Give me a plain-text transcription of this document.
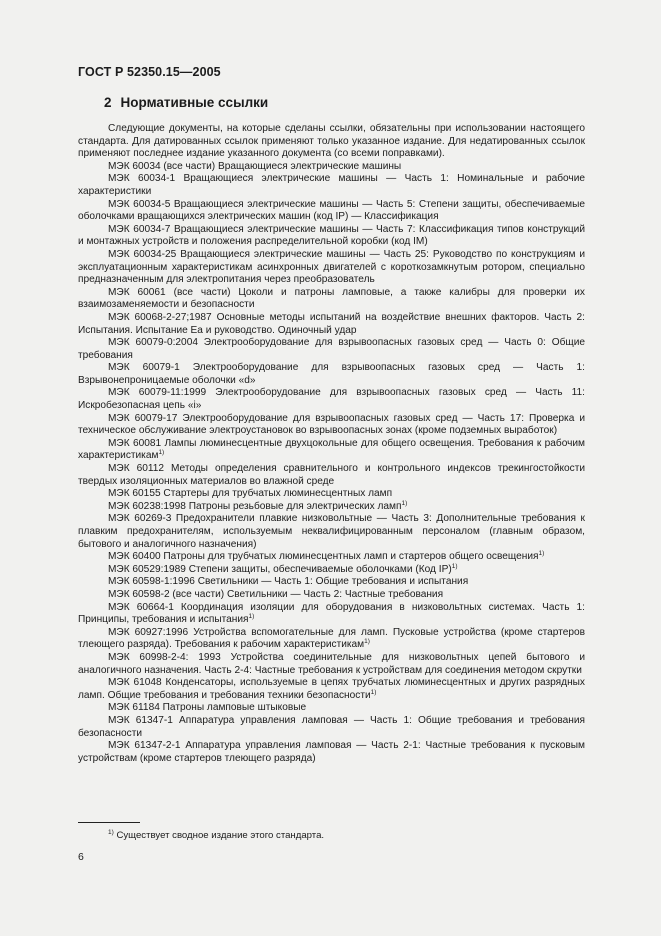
ГОСТ Р 52350.15—2005
2 Нормативные ссылки

Следующие документы, на которые сделаны ссылки, обязательны при использовании настоящего стандарта. Для датированных ссылок применяют только указанное издание. Для недатированных ссылок применяют последнее издание указанного документа (со всеми поправками).

МЭК 60034 (все части) Вращающиеся электрические машины

МЭК 60034-1 Вращающиеся электрические машины — Часть 1: Номинальные и рабочие характеристики

МЭК 60034-5 Вращающиеся электрические машины — Часть 5: Степени защиты, обеспечиваемые оболочками вращающихся электрических машин (код IP) — Классификация

МЭК 60034-7 Вращающиеся электрические машины — Часть 7: Классификация типов конструкций и монтажных устройств и положения распределительной коробки (код IM)

МЭК 60034-25 Вращающиеся электрические машины — Часть 25: Руководство по конструкциям и эксплуатационным характеристикам асинхронных двигателей с короткозамкнутым ротором, специально предназначенным для электропитания через преобразователь

МЭК 60061 (все части) Цоколи и патроны ламповые, а также калибры для проверки их взаимозаменяемости и безопасности

МЭК 60068-2-27;1987 Основные методы испытаний на воздействие внешних факторов. Часть 2: Испытания. Испытание Еа и руководство. Одиночный удар

МЭК 60079-0:2004 Электрооборудование для взрывоопасных газовых сред — Часть 0: Общие требования

МЭК 60079-1 Электрооборудование для взрывоопасных газовых сред — Часть 1: Взрывонепроницаемые оболочки «d»

МЭК 60079-11:1999 Электрооборудование для взрывоопасных газовых сред — Часть 11: Искробезопасная цепь «i»

МЭК 60079-17 Электрооборудование для взрывоопасных газовых сред — Часть 17: Проверка и техническое обслуживание электроустановок во взрывоопасных зонах (кроме подземных выработок)

МЭК 60081 Лампы люминесцентные двухцокольные для общего освещения. Требования к рабочим характеристикам$^{1)}$

МЭК 60112 Методы определения сравнительного и контрольного индексов трекингостойкости твердых изоляционных материалов во влажной среде

МЭК 60155 Стартеры для трубчатых люминесцентных ламп

МЭК 60238:1998 Патроны резьбовые для электрических ламп$^{1)}$

МЭК 60269-3 Предохранители плавкие низковольтные — Часть 3: Дополнительные требования к плавким предохранителям, используемым неквалифицированным персоналом (главным образом, бытового и аналогичного назначения)

МЭК 60400 Патроны для трубчатых люминесцентных ламп и стартеров общего освещения$^{1)}$

МЭК 60529:1989 Степени защиты, обеспечиваемые оболочками (Код IP)$^{1)}$

МЭК 60598-1:1996 Светильники — Часть 1: Общие требования и испытания

МЭК 60598-2 (все части) Светильники — Часть 2: Частные требования

МЭК 60664-1 Координация изоляции для оборудования в низковольтных системах. Часть 1: Принципы, требования и испытания$^{1)}$

МЭК 60927:1996 Устройства вспомогательные для ламп. Пусковые устройства (кроме стартеров тлеющего разряда). Требования к рабочим характеристикам$^{1)}$

МЭК 60998-2-4: 1993 Устройства соединительные для низковольтных цепей бытового и аналогичного назначения. Часть 2-4: Частные требования к устройствам для соединения методом скрутки

МЭК 61048 Конденсаторы, используемые в цепях трубчатых люминесцентных и других разрядных ламп. Общие требования и требования техники безопасности$^{1)}$

МЭК 61184 Патроны ламповые штыковые

МЭК 61347-1 Аппаратура управления ламповая — Часть 1: Общие требования и требования безопасности

МЭК 61347-2-1 Аппаратура управления ламповая — Часть 2-1: Частные требования к пусковым устройствам (кроме стартеров тлеющего разряда)

$^{1)}$ Существует сводное издание этого стандарта.
6
